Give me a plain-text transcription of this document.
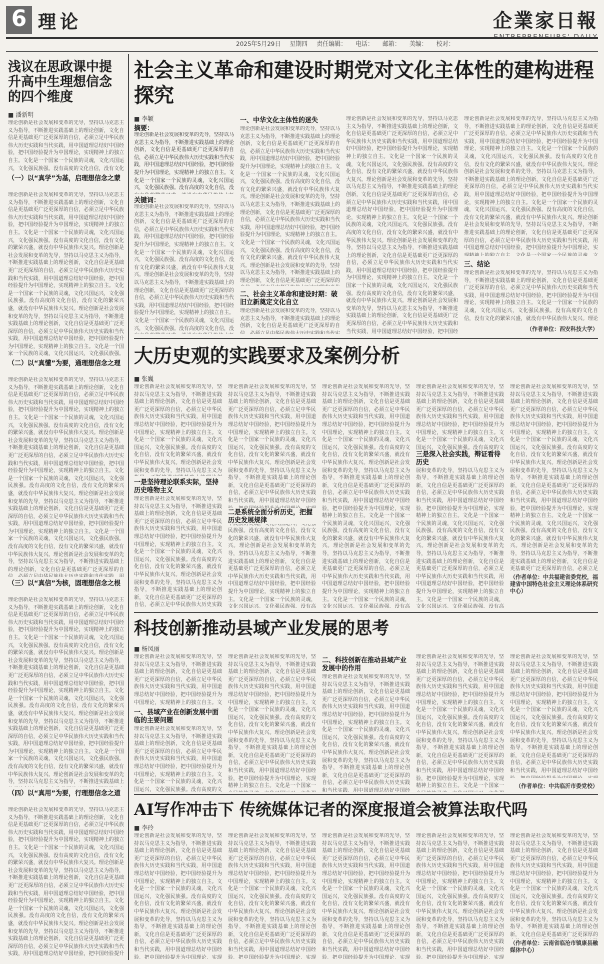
6 理论	企業家日報
ENTREPRENEURS' DAILY
2025年5月29日 星期四 责任编辑： 电话： 邮箱： 美编： 校对：
浅议在思政课中提升高中生理想信念的四个维度
■ 潘新明
理论创新是社会发展和变革的先导，坚持以马克思主义为指导，不断推进实践基础上的理论创新，文化自信是更基础更广泛更深厚的自信，必须立足中华民族伟大历史实践和当代实践，用中国道理总结好中国经验，把中国经验提升为中国理论，实现精神上的独立自主。文化是一个国家一个民族的灵魂，文化兴国运兴，文化强民族强。没有高度的文化自信，没有文化的繁荣兴盛，就没有中华民族伟大复兴。理论创新是社会发展和变革的先导，坚持以马克思主义为指导，不断推进实践基础上的理论创新，文化自信是更基础更广泛更深厚的自信，必须立足中华民族伟大历史实践和当代实践，用中国道理总结好中国经验，把中国经验提升为中国理论，实现精神上的独立自主。文化是一个国家一个民族的灵魂，文化兴国运兴，文化强民族强。没有高度的文化自信，没有文化的繁荣兴盛，就没有中华民族伟大复兴。理论创新是社会发展和变革的先导，坚持以马克思主义为指导，不断推进实践基础上的理论创新，文化自信是更基础更广泛更深厚的自信，必须立足中华民族伟大历史实践和当代实践，用中国道理总结好中国经验，把中国经验提升为中国理论，实现精神上的独立自主。文化是一个国家一个民族的灵魂，文化兴国运兴，文化强民族强。没有高度的文化自信，没有文化的繁荣兴盛，就没有中华民族伟大复兴。理论创新是社会发展和变革的先导，坚持以马克思主义为指导，不断推进实践基础上的理论创新，文化自信是更基础更广泛更深厚的自信，必须立足中华民族伟大历史实践和当代实践，用中国道理总结好中国经验，把中国经验提升为中国理论，实现精神上的独立自主。
（一）以“真学”为基，启理想信念之蒙
理论创新是社会发展和变革的先导，坚持以马克思主义为指导，不断推进实践基础上的理论创新，文化自信是更基础更广泛更深厚的自信，必须立足中华民族伟大历史实践和当代实践，用中国道理总结好中国经验，把中国经验提升为中国理论，实现精神上的独立自主。文化是一个国家一个民族的灵魂，文化兴国运兴，文化强民族强。没有高度的文化自信，没有文化的繁荣兴盛，就没有中华民族伟大复兴。理论创新是社会发展和变革的先导，坚持以马克思主义为指导，不断推进实践基础上的理论创新，文化自信是更基础更广泛更深厚的自信，必须立足中华民族伟大历史实践和当代实践，用中国道理总结好中国经验，把中国经验提升为中国理论，实现精神上的独立自主。文化是一个国家一个民族的灵魂，文化兴国运兴，文化强民族强。没有高度的文化自信，没有文化的繁荣兴盛，就没有中华民族伟大复兴。理论创新是社会发展和变革的先导，坚持以马克思主义为指导，不断推进实践基础上的理论创新，文化自信是更基础更广泛更深厚的自信，必须立足中华民族伟大历史实践和当代实践，用中国道理总结好中国经验，把中国经验提升为中国理论，实现精神上的独立自主。文化是一个国家一个民族的灵魂，文化兴国运兴，文化强民族强。没有高度的文化自信，没有文化的繁荣兴盛，就没有中华民族伟大复兴。理论创新是社会发展和变革的先导，坚持以马克思主义为指导，不断推进实践基础上的理论创新，文化自信是更基础更广泛更深厚的自信，必须立足中华民族伟大历史实践和当代实践，用中国道理总结好中国经验，把中国经验提升为中国理论，实现精神上的独立自主。
（二）以“真懂”为要，通理想信念之理
理论创新是社会发展和变革的先导，坚持以马克思主义为指导，不断推进实践基础上的理论创新，文化自信是更基础更广泛更深厚的自信，必须立足中华民族伟大历史实践和当代实践，用中国道理总结好中国经验，把中国经验提升为中国理论，实现精神上的独立自主。文化是一个国家一个民族的灵魂，文化兴国运兴，文化强民族强。没有高度的文化自信，没有文化的繁荣兴盛，就没有中华民族伟大复兴。理论创新是社会发展和变革的先导，坚持以马克思主义为指导，不断推进实践基础上的理论创新，文化自信是更基础更广泛更深厚的自信，必须立足中华民族伟大历史实践和当代实践，用中国道理总结好中国经验，把中国经验提升为中国理论，实现精神上的独立自主。文化是一个国家一个民族的灵魂，文化兴国运兴，文化强民族强。没有高度的文化自信，没有文化的繁荣兴盛，就没有中华民族伟大复兴。理论创新是社会发展和变革的先导，坚持以马克思主义为指导，不断推进实践基础上的理论创新，文化自信是更基础更广泛更深厚的自信，必须立足中华民族伟大历史实践和当代实践，用中国道理总结好中国经验，把中国经验提升为中国理论，实现精神上的独立自主。文化是一个国家一个民族的灵魂，文化兴国运兴，文化强民族强。没有高度的文化自信，没有文化的繁荣兴盛，就没有中华民族伟大复兴。理论创新是社会发展和变革的先导，坚持以马克思主义为指导，不断推进实践基础上的理论创新，文化自信是更基础更广泛更深厚的自信，必须立足中华民族伟大历史实践和当代实践，用中国道理总结好中国经验，把中国经验提升为中国理论，实现精神上的独立自主。
（三）以“真信”为核，固理想信念之根
理论创新是社会发展和变革的先导，坚持以马克思主义为指导，不断推进实践基础上的理论创新，文化自信是更基础更广泛更深厚的自信，必须立足中华民族伟大历史实践和当代实践，用中国道理总结好中国经验，把中国经验提升为中国理论，实现精神上的独立自主。文化是一个国家一个民族的灵魂，文化兴国运兴，文化强民族强。没有高度的文化自信，没有文化的繁荣兴盛，就没有中华民族伟大复兴。理论创新是社会发展和变革的先导，坚持以马克思主义为指导，不断推进实践基础上的理论创新，文化自信是更基础更广泛更深厚的自信，必须立足中华民族伟大历史实践和当代实践，用中国道理总结好中国经验，把中国经验提升为中国理论，实现精神上的独立自主。文化是一个国家一个民族的灵魂，文化兴国运兴，文化强民族强。没有高度的文化自信，没有文化的繁荣兴盛，就没有中华民族伟大复兴。理论创新是社会发展和变革的先导，坚持以马克思主义为指导，不断推进实践基础上的理论创新，文化自信是更基础更广泛更深厚的自信，必须立足中华民族伟大历史实践和当代实践，用中国道理总结好中国经验，把中国经验提升为中国理论，实现精神上的独立自主。文化是一个国家一个民族的灵魂，文化兴国运兴，文化强民族强。没有高度的文化自信，没有文化的繁荣兴盛，就没有中华民族伟大复兴。理论创新是社会发展和变革的先导，坚持以马克思主义为指导，不断推进实践基础上的理论创新，文化自信是更基础更广泛更深厚的自信，必须立足中华民族伟大历史实践和当代实践，用中国道理总结好中国经验，把中国经验提升为中国理论，实现精神上的独立自主。
（四）以“真用”为要，行理想信念之道
理论创新是社会发展和变革的先导，坚持以马克思主义为指导，不断推进实践基础上的理论创新，文化自信是更基础更广泛更深厚的自信，必须立足中华民族伟大历史实践和当代实践，用中国道理总结好中国经验，把中国经验提升为中国理论，实现精神上的独立自主。文化是一个国家一个民族的灵魂，文化兴国运兴，文化强民族强。没有高度的文化自信，没有文化的繁荣兴盛，就没有中华民族伟大复兴。理论创新是社会发展和变革的先导，坚持以马克思主义为指导，不断推进实践基础上的理论创新，文化自信是更基础更广泛更深厚的自信，必须立足中华民族伟大历史实践和当代实践，用中国道理总结好中国经验，把中国经验提升为中国理论，实现精神上的独立自主。文化是一个国家一个民族的灵魂，文化兴国运兴，文化强民族强。没有高度的文化自信，没有文化的繁荣兴盛，就没有中华民族伟大复兴。理论创新是社会发展和变革的先导，坚持以马克思主义为指导，不断推进实践基础上的理论创新，文化自信是更基础更广泛更深厚的自信，必须立足中华民族伟大历史实践和当代实践，用中国道理总结好中国经验，把中国经验提升为中国理论，实现精神上的独立自主。文化是一个国家一个民族的灵魂，文化兴国运兴，文化强民族强。没有高度的文化自信，没有文化的繁荣兴盛，就没有中华民族伟大复兴。理论创新是社会发展和变革的先导，坚持以马克思主义为指导，不断推进实践基础上的理论创新，文化自信是更基础更广泛更深厚的自信，必须立足中华民族伟大历史实践和当代实践，用中国道理总结好中国经验，把中国经验提升为中国理论，实现精神上的独立自主。
社会主义革命和建设时期党对文化主体性的建构进程探究
■ 李颖
摘要：
理论创新是社会发展和变革的先导，坚持以马克思主义为指导，不断推进实践基础上的理论创新，文化自信是更基础更广泛更深厚的自信，必须立足中华民族伟大历史实践和当代实践，用中国道理总结好中国经验，把中国经验提升为中国理论，实现精神上的独立自主。文化是一个国家一个民族的灵魂，文化兴国运兴，文化强民族强。没有高度的文化自信，没有文化的繁荣兴盛，就没有中华民族伟大复兴。理论创新是社会发展和变革的先导，坚持以马克思主义为指导，不断推进实践基础上的理论创新，文化自信是更基础更广泛更深厚的自信，必须立足中华民族伟大历史实践和当代实践，用中国道理总结好中国经验，把中国经验提升为中国理论，实现精神上的独立自主。文化是一个国家一个民族的灵魂，文化兴国运兴，文化强民族强。没有高度的文化自信，没有文化的繁荣兴盛，就没有中华民族伟大复兴。理论创新是社会发展和变革的先导，坚持以马克思主义为指导，不断推进实践基础上的理论创新，文化自信是更基础更广泛更深厚的自信，必须立足中华民族伟大历史实践和当代实践，用中国道理总结好中国经验，把中国经验提升为中国理论，实现精神上的独立自主。文化是一个国家一个民族的灵魂，文化兴国运兴，文化强民族强。没有高度的文化自信，没有文化的繁荣兴盛，就没有中华民族伟大复兴。理论创新是社会发展和变革的先导，坚持以马克思主义为指导，不断推进实践基础上的理论创新，文化自信是更基础更广泛更深厚的自信，必须立足中华民族伟大历史实践和当代实践，用中国道理总结好中国经验，把中国经验提升为中国理论，实现精神上的独立自主。
关键词：
理论创新是社会发展和变革的先导，坚持以马克思主义为指导，不断推进实践基础上的理论创新，文化自信是更基础更广泛更深厚的自信，必须立足中华民族伟大历史实践和当代实践，用中国道理总结好中国经验，把中国经验提升为中国理论，实现精神上的独立自主。文化是一个国家一个民族的灵魂，文化兴国运兴，文化强民族强。没有高度的文化自信，没有文化的繁荣兴盛，就没有中华民族伟大复兴。理论创新是社会发展和变革的先导，坚持以马克思主义为指导，不断推进实践基础上的理论创新，文化自信是更基础更广泛更深厚的自信，必须立足中华民族伟大历史实践和当代实践，用中国道理总结好中国经验，把中国经验提升为中国理论，实现精神上的独立自主。文化是一个国家一个民族的灵魂，文化兴国运兴，文化强民族强。没有高度的文化自信，没有文化的繁荣兴盛，就没有中华民族伟大复兴。理论创新是社会发展和变革的先导，坚持以马克思主义为指导，不断推进实践基础上的理论创新，文化自信是更基础更广泛更深厚的自信，必须立足中华民族伟大历史实践和当代实践，用中国道理总结好中国经验，把中国经验提升为中国理论，实现精神上的独立自主。文化是一个国家一个民族的灵魂，文化兴国运兴，文化强民族强。没有高度的文化自信，没有文化的繁荣兴盛，就没有中华民族伟大复兴。理论创新是社会发展和变革的先导，坚持以马克思主义为指导，不断推进实践基础上的理论创新，文化自信是更基础更广泛更深厚的自信，必须立足中华民族伟大历史实践和当代实践，用中国道理总结好中国经验，把中国经验提升为中国理论，实现精神上的独立自主。
一、中华文化主体性的迷失
理论创新是社会发展和变革的先导，坚持以马克思主义为指导，不断推进实践基础上的理论创新，文化自信是更基础更广泛更深厚的自信，必须立足中华民族伟大历史实践和当代实践，用中国道理总结好中国经验，把中国经验提升为中国理论，实现精神上的独立自主。文化是一个国家一个民族的灵魂，文化兴国运兴，文化强民族强。没有高度的文化自信，没有文化的繁荣兴盛，就没有中华民族伟大复兴。理论创新是社会发展和变革的先导，坚持以马克思主义为指导，不断推进实践基础上的理论创新，文化自信是更基础更广泛更深厚的自信，必须立足中华民族伟大历史实践和当代实践，用中国道理总结好中国经验，把中国经验提升为中国理论，实现精神上的独立自主。文化是一个国家一个民族的灵魂，文化兴国运兴，文化强民族强。没有高度的文化自信，没有文化的繁荣兴盛，就没有中华民族伟大复兴。理论创新是社会发展和变革的先导，坚持以马克思主义为指导，不断推进实践基础上的理论创新，文化自信是更基础更广泛更深厚的自信，必须立足中华民族伟大历史实践和当代实践，用中国道理总结好中国经验，把中国经验提升为中国理论，实现精神上的独立自主。文化是一个国家一个民族的灵魂，文化兴国运兴，文化强民族强。没有高度的文化自信，没有文化的繁荣兴盛，就没有中华民族伟大复兴。理论创新是社会发展和变革的先导，坚持以马克思主义为指导，不断推进实践基础上的理论创新，文化自信是更基础更广泛更深厚的自信，必须立足中华民族伟大历史实践和当代实践，用中国道理总结好中国经验，把中国经验提升为中国理论，实现精神上的独立自主。
二、社会主义革命和建设时期：破旧立新奠定文化自立
理论创新是社会发展和变革的先导，坚持以马克思主义为指导，不断推进实践基础上的理论创新，文化自信是更基础更广泛更深厚的自信，必须立足中华民族伟大历史实践和当代实践，用中国道理总结好中国经验，把中国经验提升为中国理论，实现精神上的独立自主。文化是一个国家一个民族的灵魂，文化兴国运兴，文化强民族强。没有高度的文化自信，没有文化的繁荣兴盛，就没有中华民族伟大复兴。理论创新是社会发展和变革的先导，坚持以马克思主义为指导，不断推进实践基础上的理论创新，文化自信是更基础更广泛更深厚的自信，必须立足中华民族伟大历史实践和当代实践，用中国道理总结好中国经验，把中国经验提升为中国理论，实现精神上的独立自主。文化是一个国家一个民族的灵魂，文化兴国运兴，文化强民族强。没有高度的文化自信，没有文化的繁荣兴盛，就没有中华民族伟大复兴。理论创新是社会发展和变革的先导，坚持以马克思主义为指导，不断推进实践基础上的理论创新，文化自信是更基础更广泛更深厚的自信，必须立足中华民族伟大历史实践和当代实践，用中国道理总结好中国经验，把中国经验提升为中国理论，实现精神上的独立自主。文化是一个国家一个民族的灵魂，文化兴国运兴，文化强民族强。没有高度的文化自信，没有文化的繁荣兴盛，就没有中华民族伟大复兴。理论创新是社会发展和变革的先导，坚持以马克思主义为指导，不断推进实践基础上的理论创新，文化自信是更基础更广泛更深厚的自信，必须立足中华民族伟大历史实践和当代实践，用中国道理总结好中国经验，把中国经验提升为中国理论，实现精神上的独立自主。
理论创新是社会发展和变革的先导，坚持以马克思主义为指导，不断推进实践基础上的理论创新，文化自信是更基础更广泛更深厚的自信，必须立足中华民族伟大历史实践和当代实践，用中国道理总结好中国经验，把中国经验提升为中国理论，实现精神上的独立自主。文化是一个国家一个民族的灵魂，文化兴国运兴，文化强民族强。没有高度的文化自信，没有文化的繁荣兴盛，就没有中华民族伟大复兴。理论创新是社会发展和变革的先导，坚持以马克思主义为指导，不断推进实践基础上的理论创新，文化自信是更基础更广泛更深厚的自信，必须立足中华民族伟大历史实践和当代实践，用中国道理总结好中国经验，把中国经验提升为中国理论，实现精神上的独立自主。文化是一个国家一个民族的灵魂，文化兴国运兴，文化强民族强。没有高度的文化自信，没有文化的繁荣兴盛，就没有中华民族伟大复兴。理论创新是社会发展和变革的先导，坚持以马克思主义为指导，不断推进实践基础上的理论创新，文化自信是更基础更广泛更深厚的自信，必须立足中华民族伟大历史实践和当代实践，用中国道理总结好中国经验，把中国经验提升为中国理论，实现精神上的独立自主。文化是一个国家一个民族的灵魂，文化兴国运兴，文化强民族强。没有高度的文化自信，没有文化的繁荣兴盛，就没有中华民族伟大复兴。理论创新是社会发展和变革的先导，坚持以马克思主义为指导，不断推进实践基础上的理论创新，文化自信是更基础更广泛更深厚的自信，必须立足中华民族伟大历史实践和当代实践，用中国道理总结好中国经验，把中国经验提升为中国理论，实现精神上的独立自主。
理论创新是社会发展和变革的先导，坚持以马克思主义为指导，不断推进实践基础上的理论创新，文化自信是更基础更广泛更深厚的自信，必须立足中华民族伟大历史实践和当代实践，用中国道理总结好中国经验，把中国经验提升为中国理论，实现精神上的独立自主。文化是一个国家一个民族的灵魂，文化兴国运兴，文化强民族强。没有高度的文化自信，没有文化的繁荣兴盛，就没有中华民族伟大复兴。理论创新是社会发展和变革的先导，坚持以马克思主义为指导，不断推进实践基础上的理论创新，文化自信是更基础更广泛更深厚的自信，必须立足中华民族伟大历史实践和当代实践，用中国道理总结好中国经验，把中国经验提升为中国理论，实现精神上的独立自主。文化是一个国家一个民族的灵魂，文化兴国运兴，文化强民族强。没有高度的文化自信，没有文化的繁荣兴盛，就没有中华民族伟大复兴。理论创新是社会发展和变革的先导，坚持以马克思主义为指导，不断推进实践基础上的理论创新，文化自信是更基础更广泛更深厚的自信，必须立足中华民族伟大历史实践和当代实践，用中国道理总结好中国经验，把中国经验提升为中国理论，实现精神上的独立自主。文化是一个国家一个民族的灵魂，文化兴国运兴，文化强民族强。没有高度的文化自信，没有文化的繁荣兴盛，就没有中华民族伟大复兴。理论创新是社会发展和变革的先导，坚持以马克思主义为指导，不断推进实践基础上的理论创新，文化自信是更基础更广泛更深厚的自信，必须立足中华民族伟大历史实践和当代实践，用中国道理总结好中国经验，把中国经验提升为中国理论，实现精神上的独立自主。
三、结论
理论创新是社会发展和变革的先导，坚持以马克思主义为指导，不断推进实践基础上的理论创新，文化自信是更基础更广泛更深厚的自信，必须立足中华民族伟大历史实践和当代实践，用中国道理总结好中国经验，把中国经验提升为中国理论，实现精神上的独立自主。文化是一个国家一个民族的灵魂，文化兴国运兴，文化强民族强。没有高度的文化自信，没有文化的繁荣兴盛，就没有中华民族伟大复兴。理论创新是社会发展和变革的先导，坚持以马克思主义为指导，不断推进实践基础上的理论创新，文化自信是更基础更广泛更深厚的自信，必须立足中华民族伟大历史实践和当代实践，用中国道理总结好中国经验，把中国经验提升为中国理论，实现精神上的独立自主。文化是一个国家一个民族的灵魂，文化兴国运兴，文化强民族强。没有高度的文化自信，没有文化的繁荣兴盛，就没有中华民族伟大复兴。理论创新是社会发展和变革的先导，坚持以马克思主义为指导，不断推进实践基础上的理论创新，文化自信是更基础更广泛更深厚的自信，必须立足中华民族伟大历史实践和当代实践，用中国道理总结好中国经验，把中国经验提升为中国理论，实现精神上的独立自主。文化是一个国家一个民族的灵魂，文化兴国运兴，文化强民族强。没有高度的文化自信，没有文化的繁荣兴盛，就没有中华民族伟大复兴。理论创新是社会发展和变革的先导，坚持以马克思主义为指导，不断推进实践基础上的理论创新，文化自信是更基础更广泛更深厚的自信，必须立足中华民族伟大历史实践和当代实践，用中国道理总结好中国经验，把中国经验提升为中国理论，实现精神上的独立自主。
（作者单位：西安科技大学）
大历史观的实践要求及案例分析
■ 张巍
理论创新是社会发展和变革的先导，坚持以马克思主义为指导，不断推进实践基础上的理论创新，文化自信是更基础更广泛更深厚的自信，必须立足中华民族伟大历史实践和当代实践，用中国道理总结好中国经验，把中国经验提升为中国理论，实现精神上的独立自主。文化是一个国家一个民族的灵魂，文化兴国运兴，文化强民族强。没有高度的文化自信，没有文化的繁荣兴盛，就没有中华民族伟大复兴。理论创新是社会发展和变革的先导，坚持以马克思主义为指导，不断推进实践基础上的理论创新，文化自信是更基础更广泛更深厚的自信，必须立足中华民族伟大历史实践和当代实践，用中国道理总结好中国经验，把中国经验提升为中国理论，实现精神上的独立自主。文化是一个国家一个民族的灵魂，文化兴国运兴，文化强民族强。没有高度的文化自信，没有文化的繁荣兴盛，就没有中华民族伟大复兴。理论创新是社会发展和变革的先导，坚持以马克思主义为指导，不断推进实践基础上的理论创新，文化自信是更基础更广泛更深厚的自信，必须立足中华民族伟大历史实践和当代实践，用中国道理总结好中国经验，把中国经验提升为中国理论，实现精神上的独立自主。文化是一个国家一个民族的灵魂，文化兴国运兴，文化强民族强。没有高度的文化自信，没有文化的繁荣兴盛，就没有中华民族伟大复兴。理论创新是社会发展和变革的先导，坚持以马克思主义为指导，不断推进实践基础上的理论创新，文化自信是更基础更广泛更深厚的自信，必须立足中华民族伟大历史实践和当代实践，用中国道理总结好中国经验，把中国经验提升为中国理论，实现精神上的独立自主。
一是坚持理论联系实际，坚持历史唯物主义
理论创新是社会发展和变革的先导，坚持以马克思主义为指导，不断推进实践基础上的理论创新，文化自信是更基础更广泛更深厚的自信，必须立足中华民族伟大历史实践和当代实践，用中国道理总结好中国经验，把中国经验提升为中国理论，实现精神上的独立自主。文化是一个国家一个民族的灵魂，文化兴国运兴，文化强民族强。没有高度的文化自信，没有文化的繁荣兴盛，就没有中华民族伟大复兴。理论创新是社会发展和变革的先导，坚持以马克思主义为指导，不断推进实践基础上的理论创新，文化自信是更基础更广泛更深厚的自信，必须立足中华民族伟大历史实践和当代实践，用中国道理总结好中国经验，把中国经验提升为中国理论，实现精神上的独立自主。文化是一个国家一个民族的灵魂，文化兴国运兴，文化强民族强。没有高度的文化自信，没有文化的繁荣兴盛，就没有中华民族伟大复兴。理论创新是社会发展和变革的先导，坚持以马克思主义为指导，不断推进实践基础上的理论创新，文化自信是更基础更广泛更深厚的自信，必须立足中华民族伟大历史实践和当代实践，用中国道理总结好中国经验，把中国经验提升为中国理论，实现精神上的独立自主。文化是一个国家一个民族的灵魂，文化兴国运兴，文化强民族强。没有高度的文化自信，没有文化的繁荣兴盛，就没有中华民族伟大复兴。理论创新是社会发展和变革的先导，坚持以马克思主义为指导，不断推进实践基础上的理论创新，文化自信是更基础更广泛更深厚的自信，必须立足中华民族伟大历史实践和当代实践，用中国道理总结好中国经验，把中国经验提升为中国理论，实现精神上的独立自主。
理论创新是社会发展和变革的先导，坚持以马克思主义为指导，不断推进实践基础上的理论创新，文化自信是更基础更广泛更深厚的自信，必须立足中华民族伟大历史实践和当代实践，用中国道理总结好中国经验，把中国经验提升为中国理论，实现精神上的独立自主。文化是一个国家一个民族的灵魂，文化兴国运兴，文化强民族强。没有高度的文化自信，没有文化的繁荣兴盛，就没有中华民族伟大复兴。理论创新是社会发展和变革的先导，坚持以马克思主义为指导，不断推进实践基础上的理论创新，文化自信是更基础更广泛更深厚的自信，必须立足中华民族伟大历史实践和当代实践，用中国道理总结好中国经验，把中国经验提升为中国理论，实现精神上的独立自主。文化是一个国家一个民族的灵魂，文化兴国运兴，文化强民族强。没有高度的文化自信，没有文化的繁荣兴盛，就没有中华民族伟大复兴。理论创新是社会发展和变革的先导，坚持以马克思主义为指导，不断推进实践基础上的理论创新，文化自信是更基础更广泛更深厚的自信，必须立足中华民族伟大历史实践和当代实践，用中国道理总结好中国经验，把中国经验提升为中国理论，实现精神上的独立自主。文化是一个国家一个民族的灵魂，文化兴国运兴，文化强民族强。没有高度的文化自信，没有文化的繁荣兴盛，就没有中华民族伟大复兴。理论创新是社会发展和变革的先导，坚持以马克思主义为指导，不断推进实践基础上的理论创新，文化自信是更基础更广泛更深厚的自信，必须立足中华民族伟大历史实践和当代实践，用中国道理总结好中国经验，把中国经验提升为中国理论，实现精神上的独立自主。
二是系统全面分析历史，把握历史发展规律
理论创新是社会发展和变革的先导，坚持以马克思主义为指导，不断推进实践基础上的理论创新，文化自信是更基础更广泛更深厚的自信，必须立足中华民族伟大历史实践和当代实践，用中国道理总结好中国经验，把中国经验提升为中国理论，实现精神上的独立自主。文化是一个国家一个民族的灵魂，文化兴国运兴，文化强民族强。没有高度的文化自信，没有文化的繁荣兴盛，就没有中华民族伟大复兴。理论创新是社会发展和变革的先导，坚持以马克思主义为指导，不断推进实践基础上的理论创新，文化自信是更基础更广泛更深厚的自信，必须立足中华民族伟大历史实践和当代实践，用中国道理总结好中国经验，把中国经验提升为中国理论，实现精神上的独立自主。文化是一个国家一个民族的灵魂，文化兴国运兴，文化强民族强。没有高度的文化自信，没有文化的繁荣兴盛，就没有中华民族伟大复兴。理论创新是社会发展和变革的先导，坚持以马克思主义为指导，不断推进实践基础上的理论创新，文化自信是更基础更广泛更深厚的自信，必须立足中华民族伟大历史实践和当代实践，用中国道理总结好中国经验，把中国经验提升为中国理论，实现精神上的独立自主。文化是一个国家一个民族的灵魂，文化兴国运兴，文化强民族强。没有高度的文化自信，没有文化的繁荣兴盛，就没有中华民族伟大复兴。理论创新是社会发展和变革的先导，坚持以马克思主义为指导，不断推进实践基础上的理论创新，文化自信是更基础更广泛更深厚的自信，必须立足中华民族伟大历史实践和当代实践，用中国道理总结好中国经验，把中国经验提升为中国理论，实现精神上的独立自主。
理论创新是社会发展和变革的先导，坚持以马克思主义为指导，不断推进实践基础上的理论创新，文化自信是更基础更广泛更深厚的自信，必须立足中华民族伟大历史实践和当代实践，用中国道理总结好中国经验，把中国经验提升为中国理论，实现精神上的独立自主。文化是一个国家一个民族的灵魂，文化兴国运兴，文化强民族强。没有高度的文化自信，没有文化的繁荣兴盛，就没有中华民族伟大复兴。理论创新是社会发展和变革的先导，坚持以马克思主义为指导，不断推进实践基础上的理论创新，文化自信是更基础更广泛更深厚的自信，必须立足中华民族伟大历史实践和当代实践，用中国道理总结好中国经验，把中国经验提升为中国理论，实现精神上的独立自主。文化是一个国家一个民族的灵魂，文化兴国运兴，文化强民族强。没有高度的文化自信，没有文化的繁荣兴盛，就没有中华民族伟大复兴。理论创新是社会发展和变革的先导，坚持以马克思主义为指导，不断推进实践基础上的理论创新，文化自信是更基础更广泛更深厚的自信，必须立足中华民族伟大历史实践和当代实践，用中国道理总结好中国经验，把中国经验提升为中国理论，实现精神上的独立自主。文化是一个国家一个民族的灵魂，文化兴国运兴，文化强民族强。没有高度的文化自信，没有文化的繁荣兴盛，就没有中华民族伟大复兴。理论创新是社会发展和变革的先导，坚持以马克思主义为指导，不断推进实践基础上的理论创新，文化自信是更基础更广泛更深厚的自信，必须立足中华民族伟大历史实践和当代实践，用中国道理总结好中国经验，把中国经验提升为中国理论，实现精神上的独立自主。
三是深入社会实践，辩证看待历史
理论创新是社会发展和变革的先导，坚持以马克思主义为指导，不断推进实践基础上的理论创新，文化自信是更基础更广泛更深厚的自信，必须立足中华民族伟大历史实践和当代实践，用中国道理总结好中国经验，把中国经验提升为中国理论，实现精神上的独立自主。文化是一个国家一个民族的灵魂，文化兴国运兴，文化强民族强。没有高度的文化自信，没有文化的繁荣兴盛，就没有中华民族伟大复兴。理论创新是社会发展和变革的先导，坚持以马克思主义为指导，不断推进实践基础上的理论创新，文化自信是更基础更广泛更深厚的自信，必须立足中华民族伟大历史实践和当代实践，用中国道理总结好中国经验，把中国经验提升为中国理论，实现精神上的独立自主。文化是一个国家一个民族的灵魂，文化兴国运兴，文化强民族强。没有高度的文化自信，没有文化的繁荣兴盛，就没有中华民族伟大复兴。理论创新是社会发展和变革的先导，坚持以马克思主义为指导，不断推进实践基础上的理论创新，文化自信是更基础更广泛更深厚的自信，必须立足中华民族伟大历史实践和当代实践，用中国道理总结好中国经验，把中国经验提升为中国理论，实现精神上的独立自主。文化是一个国家一个民族的灵魂，文化兴国运兴，文化强民族强。没有高度的文化自信，没有文化的繁荣兴盛，就没有中华民族伟大复兴。理论创新是社会发展和变革的先导，坚持以马克思主义为指导，不断推进实践基础上的理论创新，文化自信是更基础更广泛更深厚的自信，必须立足中华民族伟大历史实践和当代实践，用中国道理总结好中国经验，把中国经验提升为中国理论，实现精神上的独立自主。
（作者单位：中共福建省委党校，福建省中国特色社会主义理论体系研究中心）
科技创新推动县域产业发展的思考
■ 杨凤丽
理论创新是社会发展和变革的先导，坚持以马克思主义为指导，不断推进实践基础上的理论创新，文化自信是更基础更广泛更深厚的自信，必须立足中华民族伟大历史实践和当代实践，用中国道理总结好中国经验，把中国经验提升为中国理论，实现精神上的独立自主。文化是一个国家一个民族的灵魂，文化兴国运兴，文化强民族强。没有高度的文化自信，没有文化的繁荣兴盛，就没有中华民族伟大复兴。理论创新是社会发展和变革的先导，坚持以马克思主义为指导，不断推进实践基础上的理论创新，文化自信是更基础更广泛更深厚的自信，必须立足中华民族伟大历史实践和当代实践，用中国道理总结好中国经验，把中国经验提升为中国理论，实现精神上的独立自主。文化是一个国家一个民族的灵魂，文化兴国运兴，文化强民族强。没有高度的文化自信，没有文化的繁荣兴盛，就没有中华民族伟大复兴。理论创新是社会发展和变革的先导，坚持以马克思主义为指导，不断推进实践基础上的理论创新，文化自信是更基础更广泛更深厚的自信，必须立足中华民族伟大历史实践和当代实践，用中国道理总结好中国经验，把中国经验提升为中国理论，实现精神上的独立自主。文化是一个国家一个民族的灵魂，文化兴国运兴，文化强民族强。没有高度的文化自信，没有文化的繁荣兴盛，就没有中华民族伟大复兴。理论创新是社会发展和变革的先导，坚持以马克思主义为指导，不断推进实践基础上的理论创新，文化自信是更基础更广泛更深厚的自信，必须立足中华民族伟大历史实践和当代实践，用中国道理总结好中国经验，把中国经验提升为中国理论，实现精神上的独立自主。
一、县域产业在创新发展中面临的主要问题
理论创新是社会发展和变革的先导，坚持以马克思主义为指导，不断推进实践基础上的理论创新，文化自信是更基础更广泛更深厚的自信，必须立足中华民族伟大历史实践和当代实践，用中国道理总结好中国经验，把中国经验提升为中国理论，实现精神上的独立自主。文化是一个国家一个民族的灵魂，文化兴国运兴，文化强民族强。没有高度的文化自信，没有文化的繁荣兴盛，就没有中华民族伟大复兴。理论创新是社会发展和变革的先导，坚持以马克思主义为指导，不断推进实践基础上的理论创新，文化自信是更基础更广泛更深厚的自信，必须立足中华民族伟大历史实践和当代实践，用中国道理总结好中国经验，把中国经验提升为中国理论，实现精神上的独立自主。文化是一个国家一个民族的灵魂，文化兴国运兴，文化强民族强。没有高度的文化自信，没有文化的繁荣兴盛，就没有中华民族伟大复兴。理论创新是社会发展和变革的先导，坚持以马克思主义为指导，不断推进实践基础上的理论创新，文化自信是更基础更广泛更深厚的自信，必须立足中华民族伟大历史实践和当代实践，用中国道理总结好中国经验，把中国经验提升为中国理论，实现精神上的独立自主。文化是一个国家一个民族的灵魂，文化兴国运兴，文化强民族强。没有高度的文化自信，没有文化的繁荣兴盛，就没有中华民族伟大复兴。理论创新是社会发展和变革的先导，坚持以马克思主义为指导，不断推进实践基础上的理论创新，文化自信是更基础更广泛更深厚的自信，必须立足中华民族伟大历史实践和当代实践，用中国道理总结好中国经验，把中国经验提升为中国理论，实现精神上的独立自主。
理论创新是社会发展和变革的先导，坚持以马克思主义为指导，不断推进实践基础上的理论创新，文化自信是更基础更广泛更深厚的自信，必须立足中华民族伟大历史实践和当代实践，用中国道理总结好中国经验，把中国经验提升为中国理论，实现精神上的独立自主。文化是一个国家一个民族的灵魂，文化兴国运兴，文化强民族强。没有高度的文化自信，没有文化的繁荣兴盛，就没有中华民族伟大复兴。理论创新是社会发展和变革的先导，坚持以马克思主义为指导，不断推进实践基础上的理论创新，文化自信是更基础更广泛更深厚的自信，必须立足中华民族伟大历史实践和当代实践，用中国道理总结好中国经验，把中国经验提升为中国理论，实现精神上的独立自主。文化是一个国家一个民族的灵魂，文化兴国运兴，文化强民族强。没有高度的文化自信，没有文化的繁荣兴盛，就没有中华民族伟大复兴。理论创新是社会发展和变革的先导，坚持以马克思主义为指导，不断推进实践基础上的理论创新，文化自信是更基础更广泛更深厚的自信，必须立足中华民族伟大历史实践和当代实践，用中国道理总结好中国经验，把中国经验提升为中国理论，实现精神上的独立自主。文化是一个国家一个民族的灵魂，文化兴国运兴，文化强民族强。没有高度的文化自信，没有文化的繁荣兴盛，就没有中华民族伟大复兴。理论创新是社会发展和变革的先导，坚持以马克思主义为指导，不断推进实践基础上的理论创新，文化自信是更基础更广泛更深厚的自信，必须立足中华民族伟大历史实践和当代实践，用中国道理总结好中国经验，把中国经验提升为中国理论，实现精神上的独立自主。
二、科技创新在推动县域产业发展中的作用
理论创新是社会发展和变革的先导，坚持以马克思主义为指导，不断推进实践基础上的理论创新，文化自信是更基础更广泛更深厚的自信，必须立足中华民族伟大历史实践和当代实践，用中国道理总结好中国经验，把中国经验提升为中国理论，实现精神上的独立自主。文化是一个国家一个民族的灵魂，文化兴国运兴，文化强民族强。没有高度的文化自信，没有文化的繁荣兴盛，就没有中华民族伟大复兴。理论创新是社会发展和变革的先导，坚持以马克思主义为指导，不断推进实践基础上的理论创新，文化自信是更基础更广泛更深厚的自信，必须立足中华民族伟大历史实践和当代实践，用中国道理总结好中国经验，把中国经验提升为中国理论，实现精神上的独立自主。文化是一个国家一个民族的灵魂，文化兴国运兴，文化强民族强。没有高度的文化自信，没有文化的繁荣兴盛，就没有中华民族伟大复兴。理论创新是社会发展和变革的先导，坚持以马克思主义为指导，不断推进实践基础上的理论创新，文化自信是更基础更广泛更深厚的自信，必须立足中华民族伟大历史实践和当代实践，用中国道理总结好中国经验，把中国经验提升为中国理论，实现精神上的独立自主。文化是一个国家一个民族的灵魂，文化兴国运兴，文化强民族强。没有高度的文化自信，没有文化的繁荣兴盛，就没有中华民族伟大复兴。理论创新是社会发展和变革的先导，坚持以马克思主义为指导，不断推进实践基础上的理论创新，文化自信是更基础更广泛更深厚的自信，必须立足中华民族伟大历史实践和当代实践，用中国道理总结好中国经验，把中国经验提升为中国理论，实现精神上的独立自主。
理论创新是社会发展和变革的先导，坚持以马克思主义为指导，不断推进实践基础上的理论创新，文化自信是更基础更广泛更深厚的自信，必须立足中华民族伟大历史实践和当代实践，用中国道理总结好中国经验，把中国经验提升为中国理论，实现精神上的独立自主。文化是一个国家一个民族的灵魂，文化兴国运兴，文化强民族强。没有高度的文化自信，没有文化的繁荣兴盛，就没有中华民族伟大复兴。理论创新是社会发展和变革的先导，坚持以马克思主义为指导，不断推进实践基础上的理论创新，文化自信是更基础更广泛更深厚的自信，必须立足中华民族伟大历史实践和当代实践，用中国道理总结好中国经验，把中国经验提升为中国理论，实现精神上的独立自主。文化是一个国家一个民族的灵魂，文化兴国运兴，文化强民族强。没有高度的文化自信，没有文化的繁荣兴盛，就没有中华民族伟大复兴。理论创新是社会发展和变革的先导，坚持以马克思主义为指导，不断推进实践基础上的理论创新，文化自信是更基础更广泛更深厚的自信，必须立足中华民族伟大历史实践和当代实践，用中国道理总结好中国经验，把中国经验提升为中国理论，实现精神上的独立自主。文化是一个国家一个民族的灵魂，文化兴国运兴，文化强民族强。没有高度的文化自信，没有文化的繁荣兴盛，就没有中华民族伟大复兴。理论创新是社会发展和变革的先导，坚持以马克思主义为指导，不断推进实践基础上的理论创新，文化自信是更基础更广泛更深厚的自信，必须立足中华民族伟大历史实践和当代实践，用中国道理总结好中国经验，把中国经验提升为中国理论，实现精神上的独立自主。
理论创新是社会发展和变革的先导，坚持以马克思主义为指导，不断推进实践基础上的理论创新，文化自信是更基础更广泛更深厚的自信，必须立足中华民族伟大历史实践和当代实践，用中国道理总结好中国经验，把中国经验提升为中国理论，实现精神上的独立自主。文化是一个国家一个民族的灵魂，文化兴国运兴，文化强民族强。没有高度的文化自信，没有文化的繁荣兴盛，就没有中华民族伟大复兴。理论创新是社会发展和变革的先导，坚持以马克思主义为指导，不断推进实践基础上的理论创新，文化自信是更基础更广泛更深厚的自信，必须立足中华民族伟大历史实践和当代实践，用中国道理总结好中国经验，把中国经验提升为中国理论，实现精神上的独立自主。文化是一个国家一个民族的灵魂，文化兴国运兴，文化强民族强。没有高度的文化自信，没有文化的繁荣兴盛，就没有中华民族伟大复兴。理论创新是社会发展和变革的先导，坚持以马克思主义为指导，不断推进实践基础上的理论创新，文化自信是更基础更广泛更深厚的自信，必须立足中华民族伟大历史实践和当代实践，用中国道理总结好中国经验，把中国经验提升为中国理论，实现精神上的独立自主。文化是一个国家一个民族的灵魂，文化兴国运兴，文化强民族强。没有高度的文化自信，没有文化的繁荣兴盛，就没有中华民族伟大复兴。理论创新是社会发展和变革的先导，坚持以马克思主义为指导，不断推进实践基础上的理论创新，文化自信是更基础更广泛更深厚的自信，必须立足中华民族伟大历史实践和当代实践，用中国道理总结好中国经验，把中国经验提升为中国理论，实现精神上的独立自主。
（作者单位：中共临沂市委党校）
AI写作冲击下 传统媒体记者的深度报道会被算法取代吗
■ 李玲
理论创新是社会发展和变革的先导，坚持以马克思主义为指导，不断推进实践基础上的理论创新，文化自信是更基础更广泛更深厚的自信，必须立足中华民族伟大历史实践和当代实践，用中国道理总结好中国经验，把中国经验提升为中国理论，实现精神上的独立自主。文化是一个国家一个民族的灵魂，文化兴国运兴，文化强民族强。没有高度的文化自信，没有文化的繁荣兴盛，就没有中华民族伟大复兴。理论创新是社会发展和变革的先导，坚持以马克思主义为指导，不断推进实践基础上的理论创新，文化自信是更基础更广泛更深厚的自信，必须立足中华民族伟大历史实践和当代实践，用中国道理总结好中国经验，把中国经验提升为中国理论，实现精神上的独立自主。文化是一个国家一个民族的灵魂，文化兴国运兴，文化强民族强。没有高度的文化自信，没有文化的繁荣兴盛，就没有中华民族伟大复兴。理论创新是社会发展和变革的先导，坚持以马克思主义为指导，不断推进实践基础上的理论创新，文化自信是更基础更广泛更深厚的自信，必须立足中华民族伟大历史实践和当代实践，用中国道理总结好中国经验，把中国经验提升为中国理论，实现精神上的独立自主。文化是一个国家一个民族的灵魂，文化兴国运兴，文化强民族强。没有高度的文化自信，没有文化的繁荣兴盛，就没有中华民族伟大复兴。理论创新是社会发展和变革的先导，坚持以马克思主义为指导，不断推进实践基础上的理论创新，文化自信是更基础更广泛更深厚的自信，必须立足中华民族伟大历史实践和当代实践，用中国道理总结好中国经验，把中国经验提升为中国理论，实现精神上的独立自主。
理论创新是社会发展和变革的先导，坚持以马克思主义为指导，不断推进实践基础上的理论创新，文化自信是更基础更广泛更深厚的自信，必须立足中华民族伟大历史实践和当代实践，用中国道理总结好中国经验，把中国经验提升为中国理论，实现精神上的独立自主。文化是一个国家一个民族的灵魂，文化兴国运兴，文化强民族强。没有高度的文化自信，没有文化的繁荣兴盛，就没有中华民族伟大复兴。理论创新是社会发展和变革的先导，坚持以马克思主义为指导，不断推进实践基础上的理论创新，文化自信是更基础更广泛更深厚的自信，必须立足中华民族伟大历史实践和当代实践，用中国道理总结好中国经验，把中国经验提升为中国理论，实现精神上的独立自主。文化是一个国家一个民族的灵魂，文化兴国运兴，文化强民族强。没有高度的文化自信，没有文化的繁荣兴盛，就没有中华民族伟大复兴。理论创新是社会发展和变革的先导，坚持以马克思主义为指导，不断推进实践基础上的理论创新，文化自信是更基础更广泛更深厚的自信，必须立足中华民族伟大历史实践和当代实践，用中国道理总结好中国经验，把中国经验提升为中国理论，实现精神上的独立自主。文化是一个国家一个民族的灵魂，文化兴国运兴，文化强民族强。没有高度的文化自信，没有文化的繁荣兴盛，就没有中华民族伟大复兴。理论创新是社会发展和变革的先导，坚持以马克思主义为指导，不断推进实践基础上的理论创新，文化自信是更基础更广泛更深厚的自信，必须立足中华民族伟大历史实践和当代实践，用中国道理总结好中国经验，把中国经验提升为中国理论，实现精神上的独立自主。
理论创新是社会发展和变革的先导，坚持以马克思主义为指导，不断推进实践基础上的理论创新，文化自信是更基础更广泛更深厚的自信，必须立足中华民族伟大历史实践和当代实践，用中国道理总结好中国经验，把中国经验提升为中国理论，实现精神上的独立自主。文化是一个国家一个民族的灵魂，文化兴国运兴，文化强民族强。没有高度的文化自信，没有文化的繁荣兴盛，就没有中华民族伟大复兴。理论创新是社会发展和变革的先导，坚持以马克思主义为指导，不断推进实践基础上的理论创新，文化自信是更基础更广泛更深厚的自信，必须立足中华民族伟大历史实践和当代实践，用中国道理总结好中国经验，把中国经验提升为中国理论，实现精神上的独立自主。文化是一个国家一个民族的灵魂，文化兴国运兴，文化强民族强。没有高度的文化自信，没有文化的繁荣兴盛，就没有中华民族伟大复兴。理论创新是社会发展和变革的先导，坚持以马克思主义为指导，不断推进实践基础上的理论创新，文化自信是更基础更广泛更深厚的自信，必须立足中华民族伟大历史实践和当代实践，用中国道理总结好中国经验，把中国经验提升为中国理论，实现精神上的独立自主。文化是一个国家一个民族的灵魂，文化兴国运兴，文化强民族强。没有高度的文化自信，没有文化的繁荣兴盛，就没有中华民族伟大复兴。理论创新是社会发展和变革的先导，坚持以马克思主义为指导，不断推进实践基础上的理论创新，文化自信是更基础更广泛更深厚的自信，必须立足中华民族伟大历史实践和当代实践，用中国道理总结好中国经验，把中国经验提升为中国理论，实现精神上的独立自主。
理论创新是社会发展和变革的先导，坚持以马克思主义为指导，不断推进实践基础上的理论创新，文化自信是更基础更广泛更深厚的自信，必须立足中华民族伟大历史实践和当代实践，用中国道理总结好中国经验，把中国经验提升为中国理论，实现精神上的独立自主。文化是一个国家一个民族的灵魂，文化兴国运兴，文化强民族强。没有高度的文化自信，没有文化的繁荣兴盛，就没有中华民族伟大复兴。理论创新是社会发展和变革的先导，坚持以马克思主义为指导，不断推进实践基础上的理论创新，文化自信是更基础更广泛更深厚的自信，必须立足中华民族伟大历史实践和当代实践，用中国道理总结好中国经验，把中国经验提升为中国理论，实现精神上的独立自主。文化是一个国家一个民族的灵魂，文化兴国运兴，文化强民族强。没有高度的文化自信，没有文化的繁荣兴盛，就没有中华民族伟大复兴。理论创新是社会发展和变革的先导，坚持以马克思主义为指导，不断推进实践基础上的理论创新，文化自信是更基础更广泛更深厚的自信，必须立足中华民族伟大历史实践和当代实践，用中国道理总结好中国经验，把中国经验提升为中国理论，实现精神上的独立自主。文化是一个国家一个民族的灵魂，文化兴国运兴，文化强民族强。没有高度的文化自信，没有文化的繁荣兴盛，就没有中华民族伟大复兴。理论创新是社会发展和变革的先导，坚持以马克思主义为指导，不断推进实践基础上的理论创新，文化自信是更基础更广泛更深厚的自信，必须立足中华民族伟大历史实践和当代实践，用中国道理总结好中国经验，把中国经验提升为中国理论，实现精神上的独立自主。
理论创新是社会发展和变革的先导，坚持以马克思主义为指导，不断推进实践基础上的理论创新，文化自信是更基础更广泛更深厚的自信，必须立足中华民族伟大历史实践和当代实践，用中国道理总结好中国经验，把中国经验提升为中国理论，实现精神上的独立自主。文化是一个国家一个民族的灵魂，文化兴国运兴，文化强民族强。没有高度的文化自信，没有文化的繁荣兴盛，就没有中华民族伟大复兴。理论创新是社会发展和变革的先导，坚持以马克思主义为指导，不断推进实践基础上的理论创新，文化自信是更基础更广泛更深厚的自信，必须立足中华民族伟大历史实践和当代实践，用中国道理总结好中国经验，把中国经验提升为中国理论，实现精神上的独立自主。文化是一个国家一个民族的灵魂，文化兴国运兴，文化强民族强。没有高度的文化自信，没有文化的繁荣兴盛，就没有中华民族伟大复兴。理论创新是社会发展和变革的先导，坚持以马克思主义为指导，不断推进实践基础上的理论创新，文化自信是更基础更广泛更深厚的自信，必须立足中华民族伟大历史实践和当代实践，用中国道理总结好中国经验，把中国经验提升为中国理论，实现精神上的独立自主。文化是一个国家一个民族的灵魂，文化兴国运兴，文化强民族强。没有高度的文化自信，没有文化的繁荣兴盛，就没有中华民族伟大复兴。理论创新是社会发展和变革的先导，坚持以马克思主义为指导，不断推进实践基础上的理论创新，文化自信是更基础更广泛更深厚的自信，必须立足中华民族伟大历史实践和当代实践，用中国道理总结好中国经验，把中国经验提升为中国理论，实现精神上的独立自主。
（作者单位：云南省临沧市镇康县融媒体中心）
